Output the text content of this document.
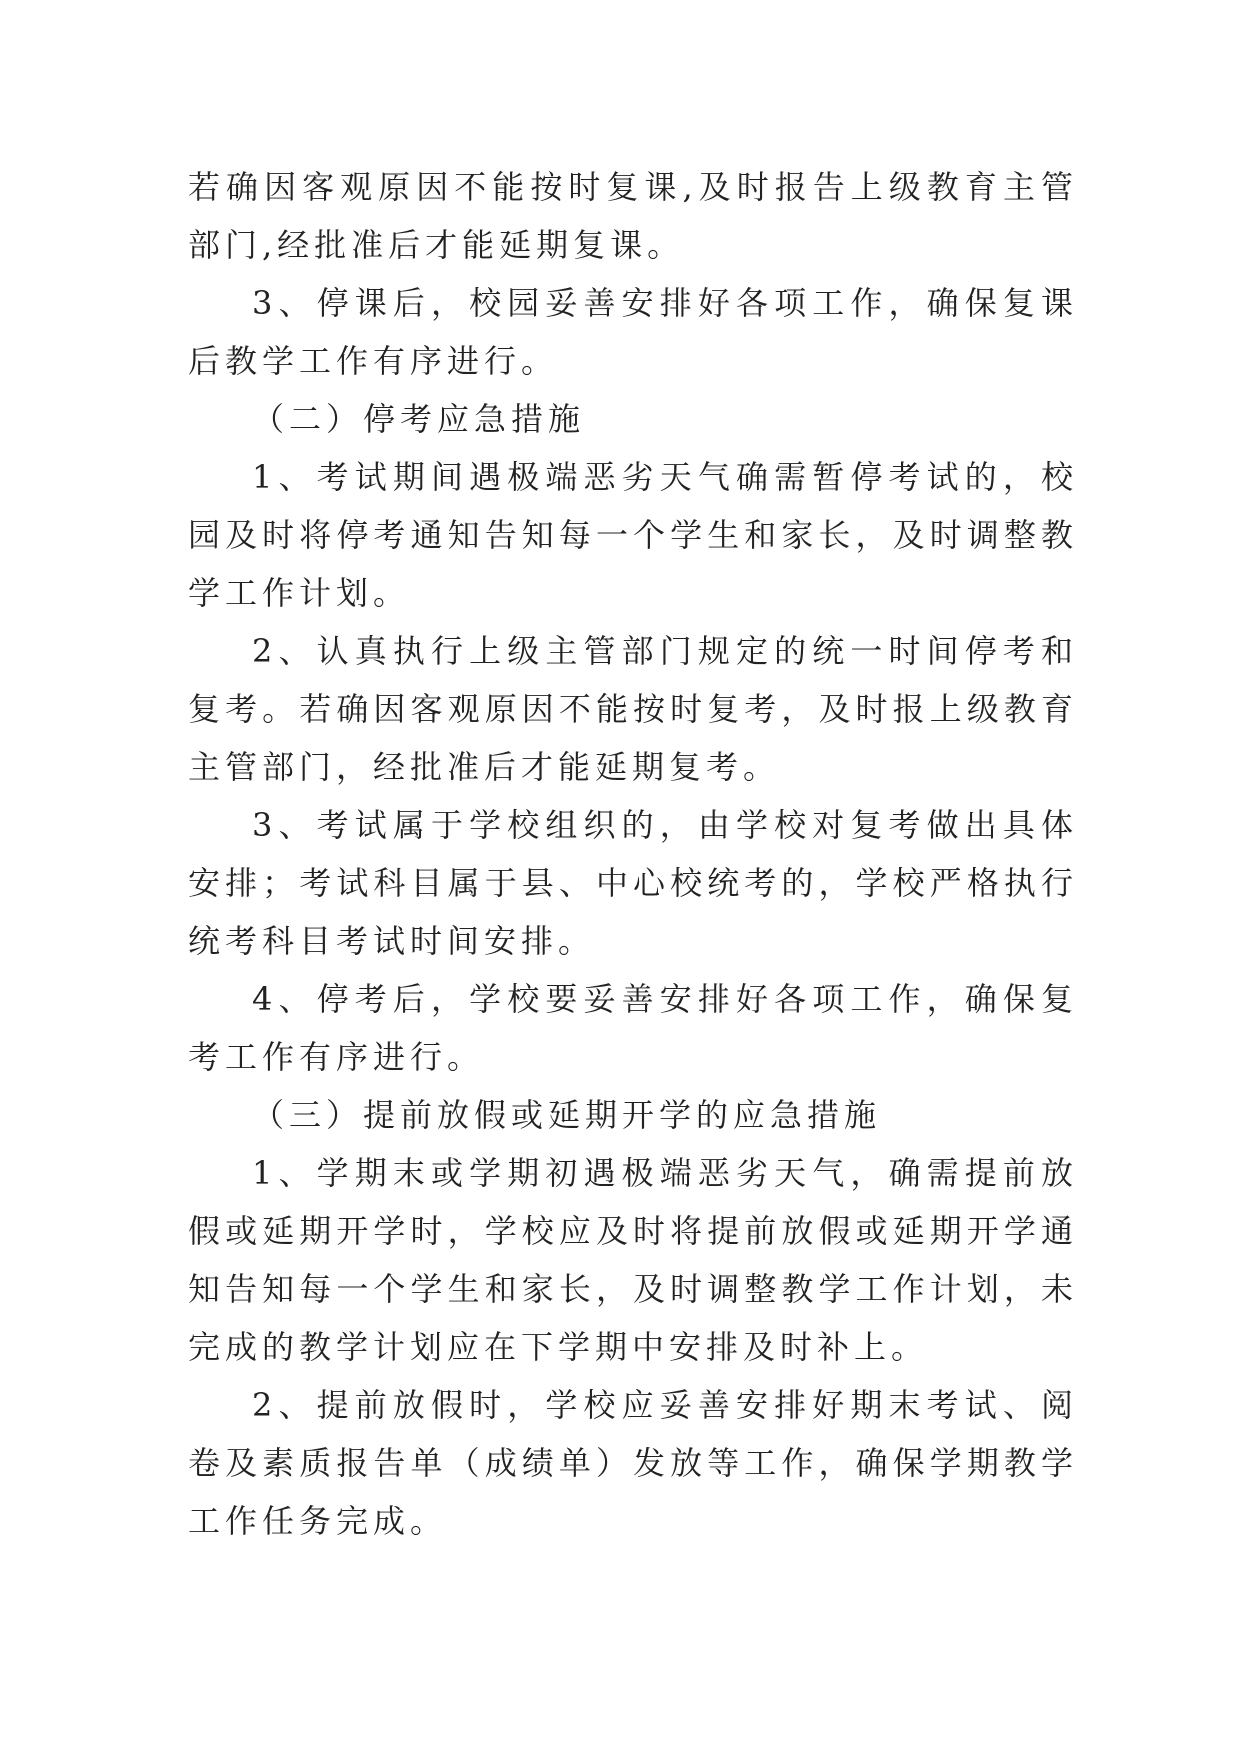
若确因客观原因不能按时复课,及时报告上级教育主管部门,经批准后才能延期复课。

3、停课后，校园妥善安排好各项工作，确保复课后教学工作有序进行。

（二）停考应急措施

1、考试期间遇极端恶劣天气确需暂停考试的，校园及时将停考通知告知每一个学生和家长，及时调整教学工作计划。

2、认真执行上级主管部门规定的统一时间停考和复考。若确因客观原因不能按时复考，及时报上级教育主管部门，经批准后才能延期复考。

3、考试属于学校组织的，由学校对复考做出具体安排；考试科目属于县、中心校统考的，学校严格执行统考科目考试时间安排。

4、停考后，学校要妥善安排好各项工作，确保复考工作有序进行。

（三）提前放假或延期开学的应急措施

1、学期末或学期初遇极端恶劣天气，确需提前放假或延期开学时，学校应及时将提前放假或延期开学通知告知每一个学生和家长，及时调整教学工作计划，未完成的教学计划应在下学期中安排及时补上。

2、提前放假时，学校应妥善安排好期末考试、阅卷及素质报告单（成绩单）发放等工作，确保学期教学工作任务完成。
